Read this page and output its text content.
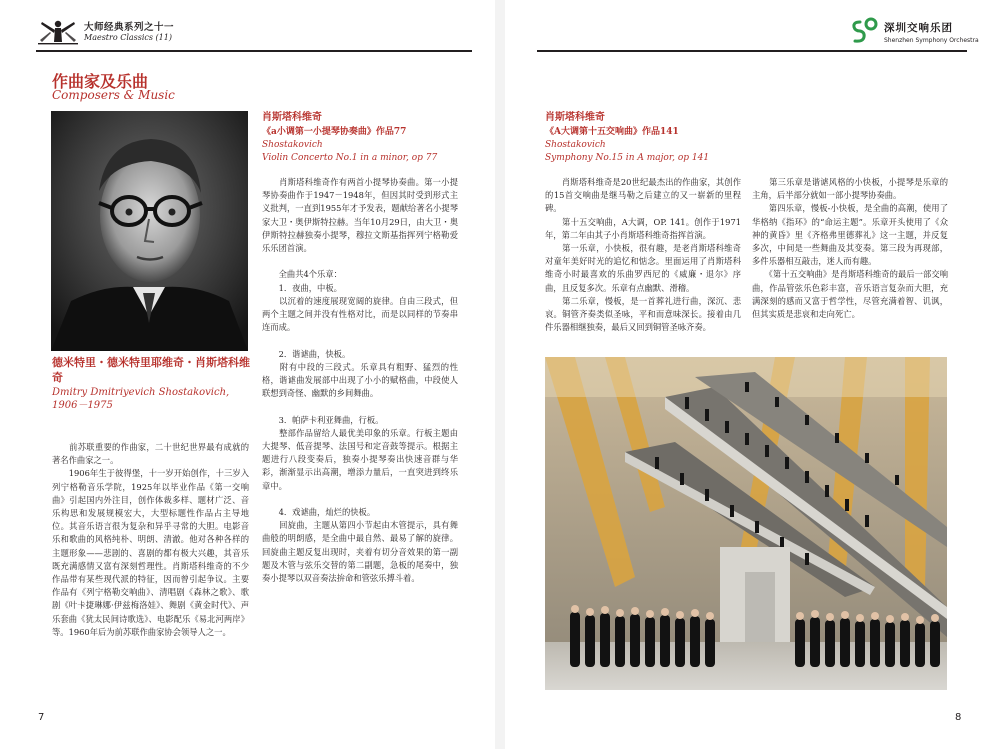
大师经典系列之十一
Maestro Classics (11)
作曲家及乐曲
Composers & Music
德米特里・德米特里耶维奇・肖斯塔科维奇
Dmitry Dmitriyevich Shostakovich, 1906－1975
　　前苏联重要的作曲家，二十世纪世界最有成就的著名作曲家之一。
　　1906年生于彼得堡，十一岁开始创作，十三岁入列宁格勒音乐学院，1925年以毕业作品《第一交响曲》引起国内外注目，创作体裁多样、题材广泛、音乐构思和发展规模宏大，大型标题性作品占主导地位。其音乐语言很为复杂和异乎寻常的大胆。电影音乐和歌曲的风格纯朴、明朗、清澈。他对各种各样的主题形象——悲剧的、喜剧的都有极大兴趣，其音乐既充满感情又富有深刻哲理性。肖斯塔科维奇的不少作品带有某些现代派的特征，因而曾引起争议。主要作品有《列宁格勒交响曲》、清唱剧《森林之歌》、歌剧《叶卡捷琳娜·伊兹梅洛娃》、舞剧《黄金时代》、声乐套曲《犹太民间诗歌选》、电影配乐《易北河两岸》等。1960年后为前苏联作曲家协会领导人之一。
肖斯塔科维奇
《a小调第一小提琴协奏曲》作品77
Shostakovich
Violin Concerto No.1 in a minor, op 77
　　肖斯塔科维奇作有两首小提琴协奏曲。第一小提琴协奏曲作于1947－1948年，但因其时受到形式主义批判，一直到1955年才予发表，题献给著名小提琴家大卫・奥伊斯特拉赫。当年10月29日，由大卫・奥伊斯特拉赫独奏小提琴，穆拉文斯基指挥列宁格勒爱乐乐团首演。

　　全曲共4个乐章：
　　1．夜曲，中板。
　　以沉着的速度展现宽阔的旋律。自由三段式，但两个主题之间并没有性格对比，而是以同样的节奏串连而成。

　　2．谐谑曲，快板。
　　附有中段的三段式。乐章具有粗野、猛烈的性格，谐谑曲发展部中出现了小小的赋格曲，中段使人联想到奇怪、幽默的乡间舞曲。

　　3．帕萨卡利亚舞曲，行板。
　　整部作品留给人最优美印象的乐章。行板主题由大提琴、低音提琴、法国号和定音鼓等提示。根据主题进行八段变奏后，独奏小提琴奏出快速音群与华彩，渐渐显示出高潮，增添力量后，一直突进到终乐章中。

　　4．戏谑曲，灿烂的快板。
　　回旋曲，主题从第四小节起由木管提示，具有舞曲般的明朗感，是全曲中最自然、最易了解的旋律。回旋曲主题反复出现时，夹着有切分音效果的第一副题及木管与弦乐交替的第二副题，急板的尾奏中，独奏小提琴以双音奏法拚命和管弦乐搏斗着。
7
深圳交响乐团
Shenzhen Symphony Orchestra
肖斯塔科维奇
《A大调第十五交响曲》作品141
Shostakovich
Symphony No.15 in A major, op 141
　　肖斯塔科维奇是20世纪最杰出的作曲家，其创作的15首交响曲是继马勒之后建立的又一崭新的里程碑。
　　第十五交响曲，A大调，OP. 141。创作于1971年，第二年由其子小肖斯塔科维奇指挥首演。
　　第一乐章，小快板，很有趣，是老肖斯塔科维奇对童年美好时光的追忆和惦念。里面运用了肖斯塔科维奇小时最喜欢的乐曲罗西尼的《威廉・退尔》序曲，且反复多次。乐章有点幽默、滑稽。
　　第二乐章，慢板，是一首葬礼进行曲，深沉、悲哀。铜管齐奏类似圣咏，平和而意味深长。接着由几件乐器相继独奏，最后又回到铜管圣咏齐奏。
　　第三乐章是谐谑风格的小快板，小提琴是乐章的主角，后半部分就如一部小提琴协奏曲。
　　第四乐章，慢板-小快板，是全曲的高潮，使用了华格纳《指环》的“命运主题”。乐章开头使用了《众神的黄昏》里《齐格弗里德葬礼》这一主题，并反复多次，中间是一些舞曲及其变奏。第三段为再现部，多件乐器相互敲击，迷人而有趣。
　　《第十五交响曲》是肖斯塔科维奇的最后一部交响曲，作品管弦乐色彩丰富，音乐语言复杂而大胆，充满深刻的感而又富于哲学性，尽管充满着智、讥讽，但其实质是悲哀和走向死亡。
8
